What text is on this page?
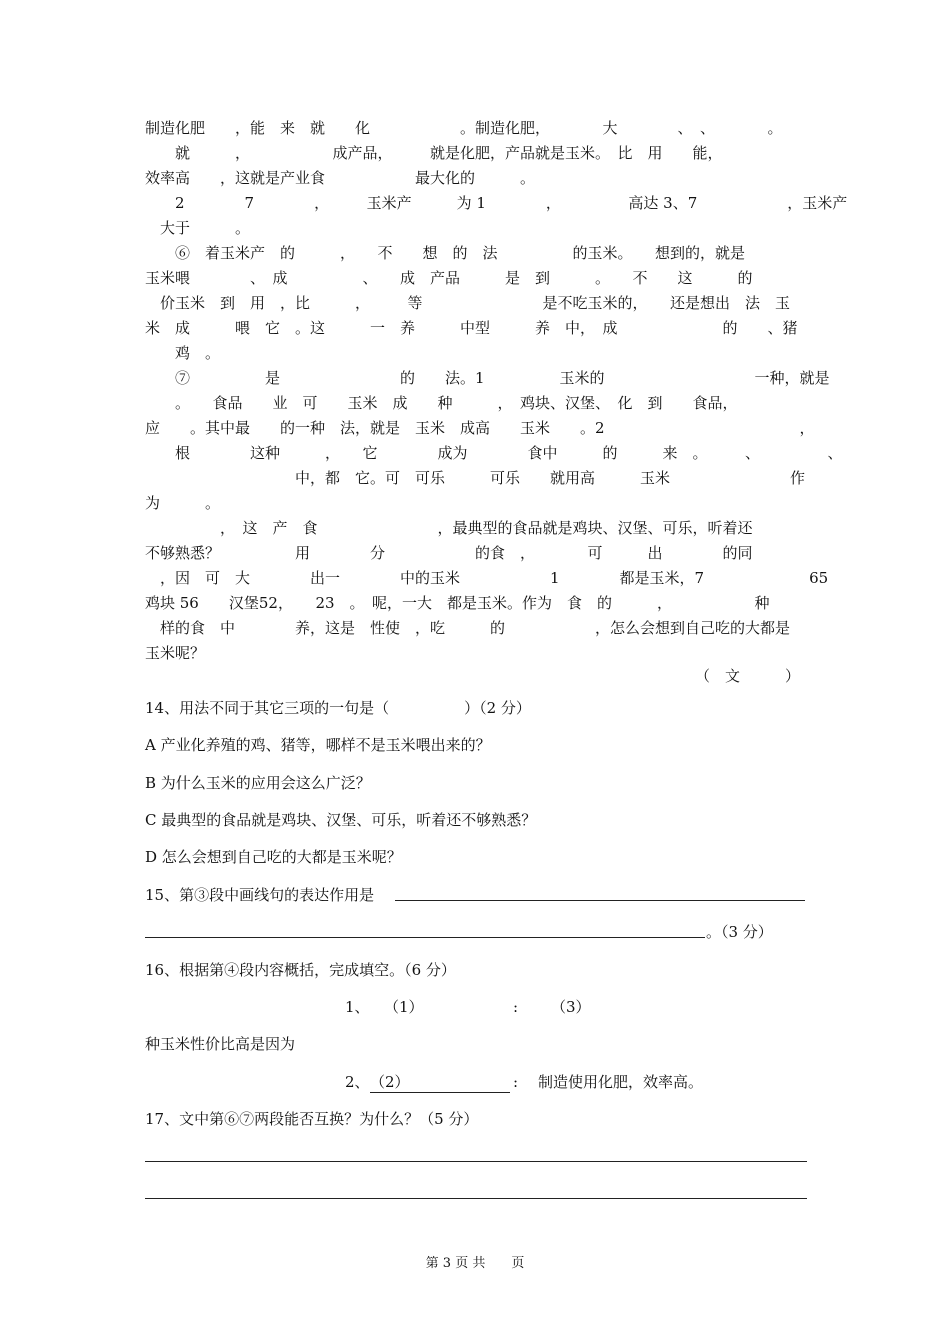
制造化肥　　，能　来　就　　化　　　　　　。制造化肥，　　　　大　　　　、　、　　　　。
　　就　　　，　　　　　　成产品，　　　就是化肥，产品就是玉米。　比　用　　能，
效率高　　，这就是产业食　　　　　　最大化的　　　。
　　2　　　　7　　　　，　　　玉米产　　　为 1　　　　，　　　　　高达 3、7　　　　　　，玉米产
　大于　　　。
　　⑥　着玉米产　的　　　，　　不　　想　的　法　　　　　的玉米。　　想到的，就是
玉米喂　　　　、　成　　　　　、　　成　产品　　　是　到　　　。　　不　　这　　　的
　价玉米　到　用　，比　　　，　　　等　　　　　　　　是不吃玉米的，　　还是想出　法　玉
米　成　　　喂　它　。这　　　一　养　　　中型　　　养　中，　成　　　　　　　的　　、猪
　　鸡　。
　　⑦　　　　　是　　　　　　　　的　　法。1　　　　　玉米的　　　　　　　　　　一种，就是
　　。　　食品　　业　可　　玉米　成　　种　　　，　鸡块、汉堡、　化　到　　食品，
应　　。其中最　　的一种　法，就是　玉米　成高　　玉米　　。2　　　　　　　　　　　　　，
　　根　　　　这种　　　，　　它　　　　成为　　　　食中　　　的　　　来　。　　　、　　　　　、
　　　　　　　　　　中，都　它。可　可乐　　　可乐　　就用高　　　玉米　　　　　　　　作
为　　　。
　　　　　，　这　产　食　　　　　　　　，最典型的食品就是鸡块、汉堡、可乐，听着还
不够熟悉？　　　　　用　　　　分　　　　　　的食　，　　　　可　　　出　　　　的同
　，因　可　大　　　　出一　　　　中的玉米　　　　　　1　　　　都是玉米，7　　　　　　　65
鸡块 56　　汉堡52，　　23　。　呢，一大　都是玉米。作为　食　的　　　，　　　　　　种
　样的食　中　　　　养，这是　性使　，吃　　　的　　　　　　，怎么会想到自己吃的大都是
玉米呢？
（　文　　　）
14、用法不同于其它三项的一句是（　　　　　）（2 分）
A 产业化养殖的鸡、猪等，哪样不是玉米喂出来的？
B 为什么玉米的应用会这么广泛？
C 最典型的食品就是鸡块、汉堡、可乐，听着还不够熟悉？
D 怎么会想到自己吃的大都是玉米呢？
15、第③段中画线句的表达作用是
。（3 分）
16、根据第④段内容概括，完成填空。（6 分）
1、 （1）	: （3）
种玉米性价比高是因为
2、 （2）	: 制造使用化肥，效率高。
17、文中第⑥⑦两段能否互换？为什么？（5 分）
第 3 页 共　　页
